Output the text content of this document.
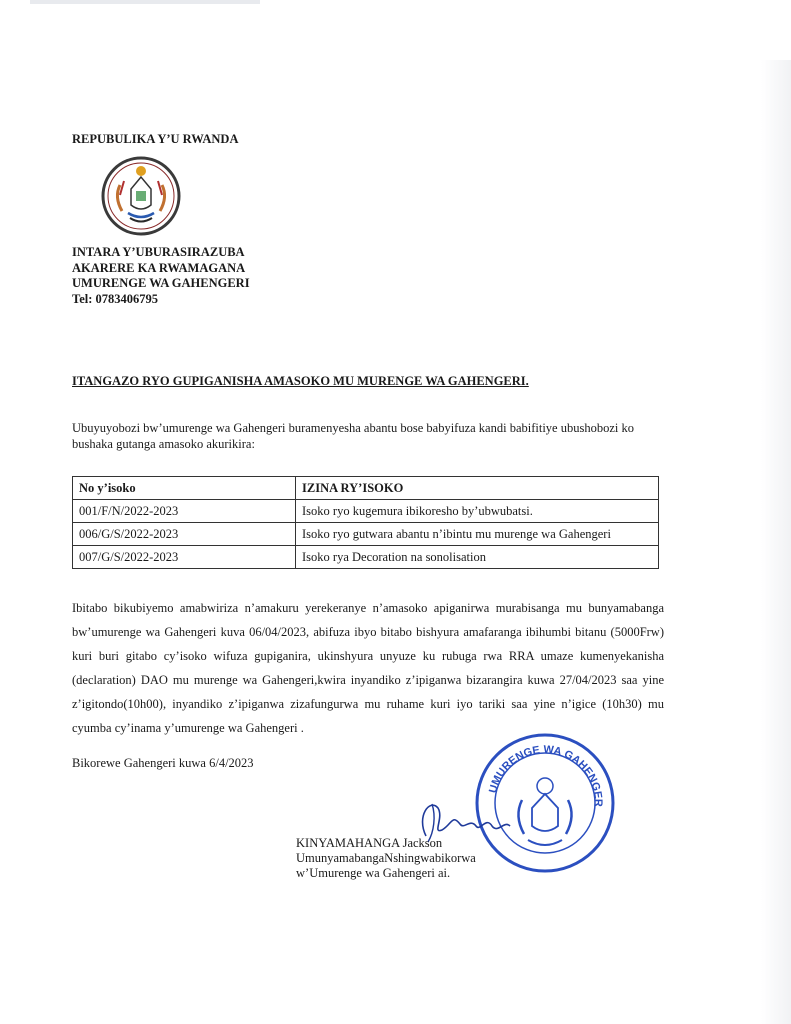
REPUBULIKA Y’U RWANDA
INTARA Y’UBURASIRAZUBA
AKARERE KA RWAMAGANA
UMURENGE WA GAHENGERI
Tel: 0783406795
ITANGAZO RYO GUPIGANISHA AMASOKO MU MURENGE WA GAHENGERI.
Ubuyuyobozi bw’umurenge wa Gahengeri buramenyesha abantu bose babyifuza kandi babifitiye ubushobozi ko bushaka gutanga amasoko akurikira:
No y’isoko	IZINA RY’ISOKO
001/F/N/2022-2023	Isoko ryo kugemura ibikoresho by’ubwubatsi.
006/G/S/2022-2023	Isoko ryo gutwara abantu n’ibintu mu murenge wa Gahengeri
007/G/S/2022-2023	Isoko rya Decoration na sonolisation
Ibitabo bikubiyemo amabwiriza n’amakuru yerekeranye n’amasoko apiganirwa murabisanga mu bunyamabanga bw’umurenge wa Gahengeri kuva 06/04/2023, abifuza ibyo bitabo bishyura amafaranga ibihumbi bitanu (5000Frw) kuri buri gitabo cy’isoko wifuza gupiganira, ukinshyura unyuze ku rubuga rwa RRA umaze kumenyekanisha (declaration) DAO mu murenge wa Gahengeri,kwira inyandiko z’ipiganwa bizarangira kuwa 27/04/2023 saa yine z’igitondo(10h00), inyandiko z’ipiganwa zizafungurwa mu ruhame kuri iyo tariki saa yine n’igice (10h30) mu cyumba cy’inama y’umurenge wa Gahengeri .
Bikorewe Gahengeri kuwa 6/4/2023
UMURENGE WA GAHENGER
KINYAMAHANGA Jackson
UmunyamabangaNshingwabikorwa
w’Umurenge wa Gahengeri ai.
